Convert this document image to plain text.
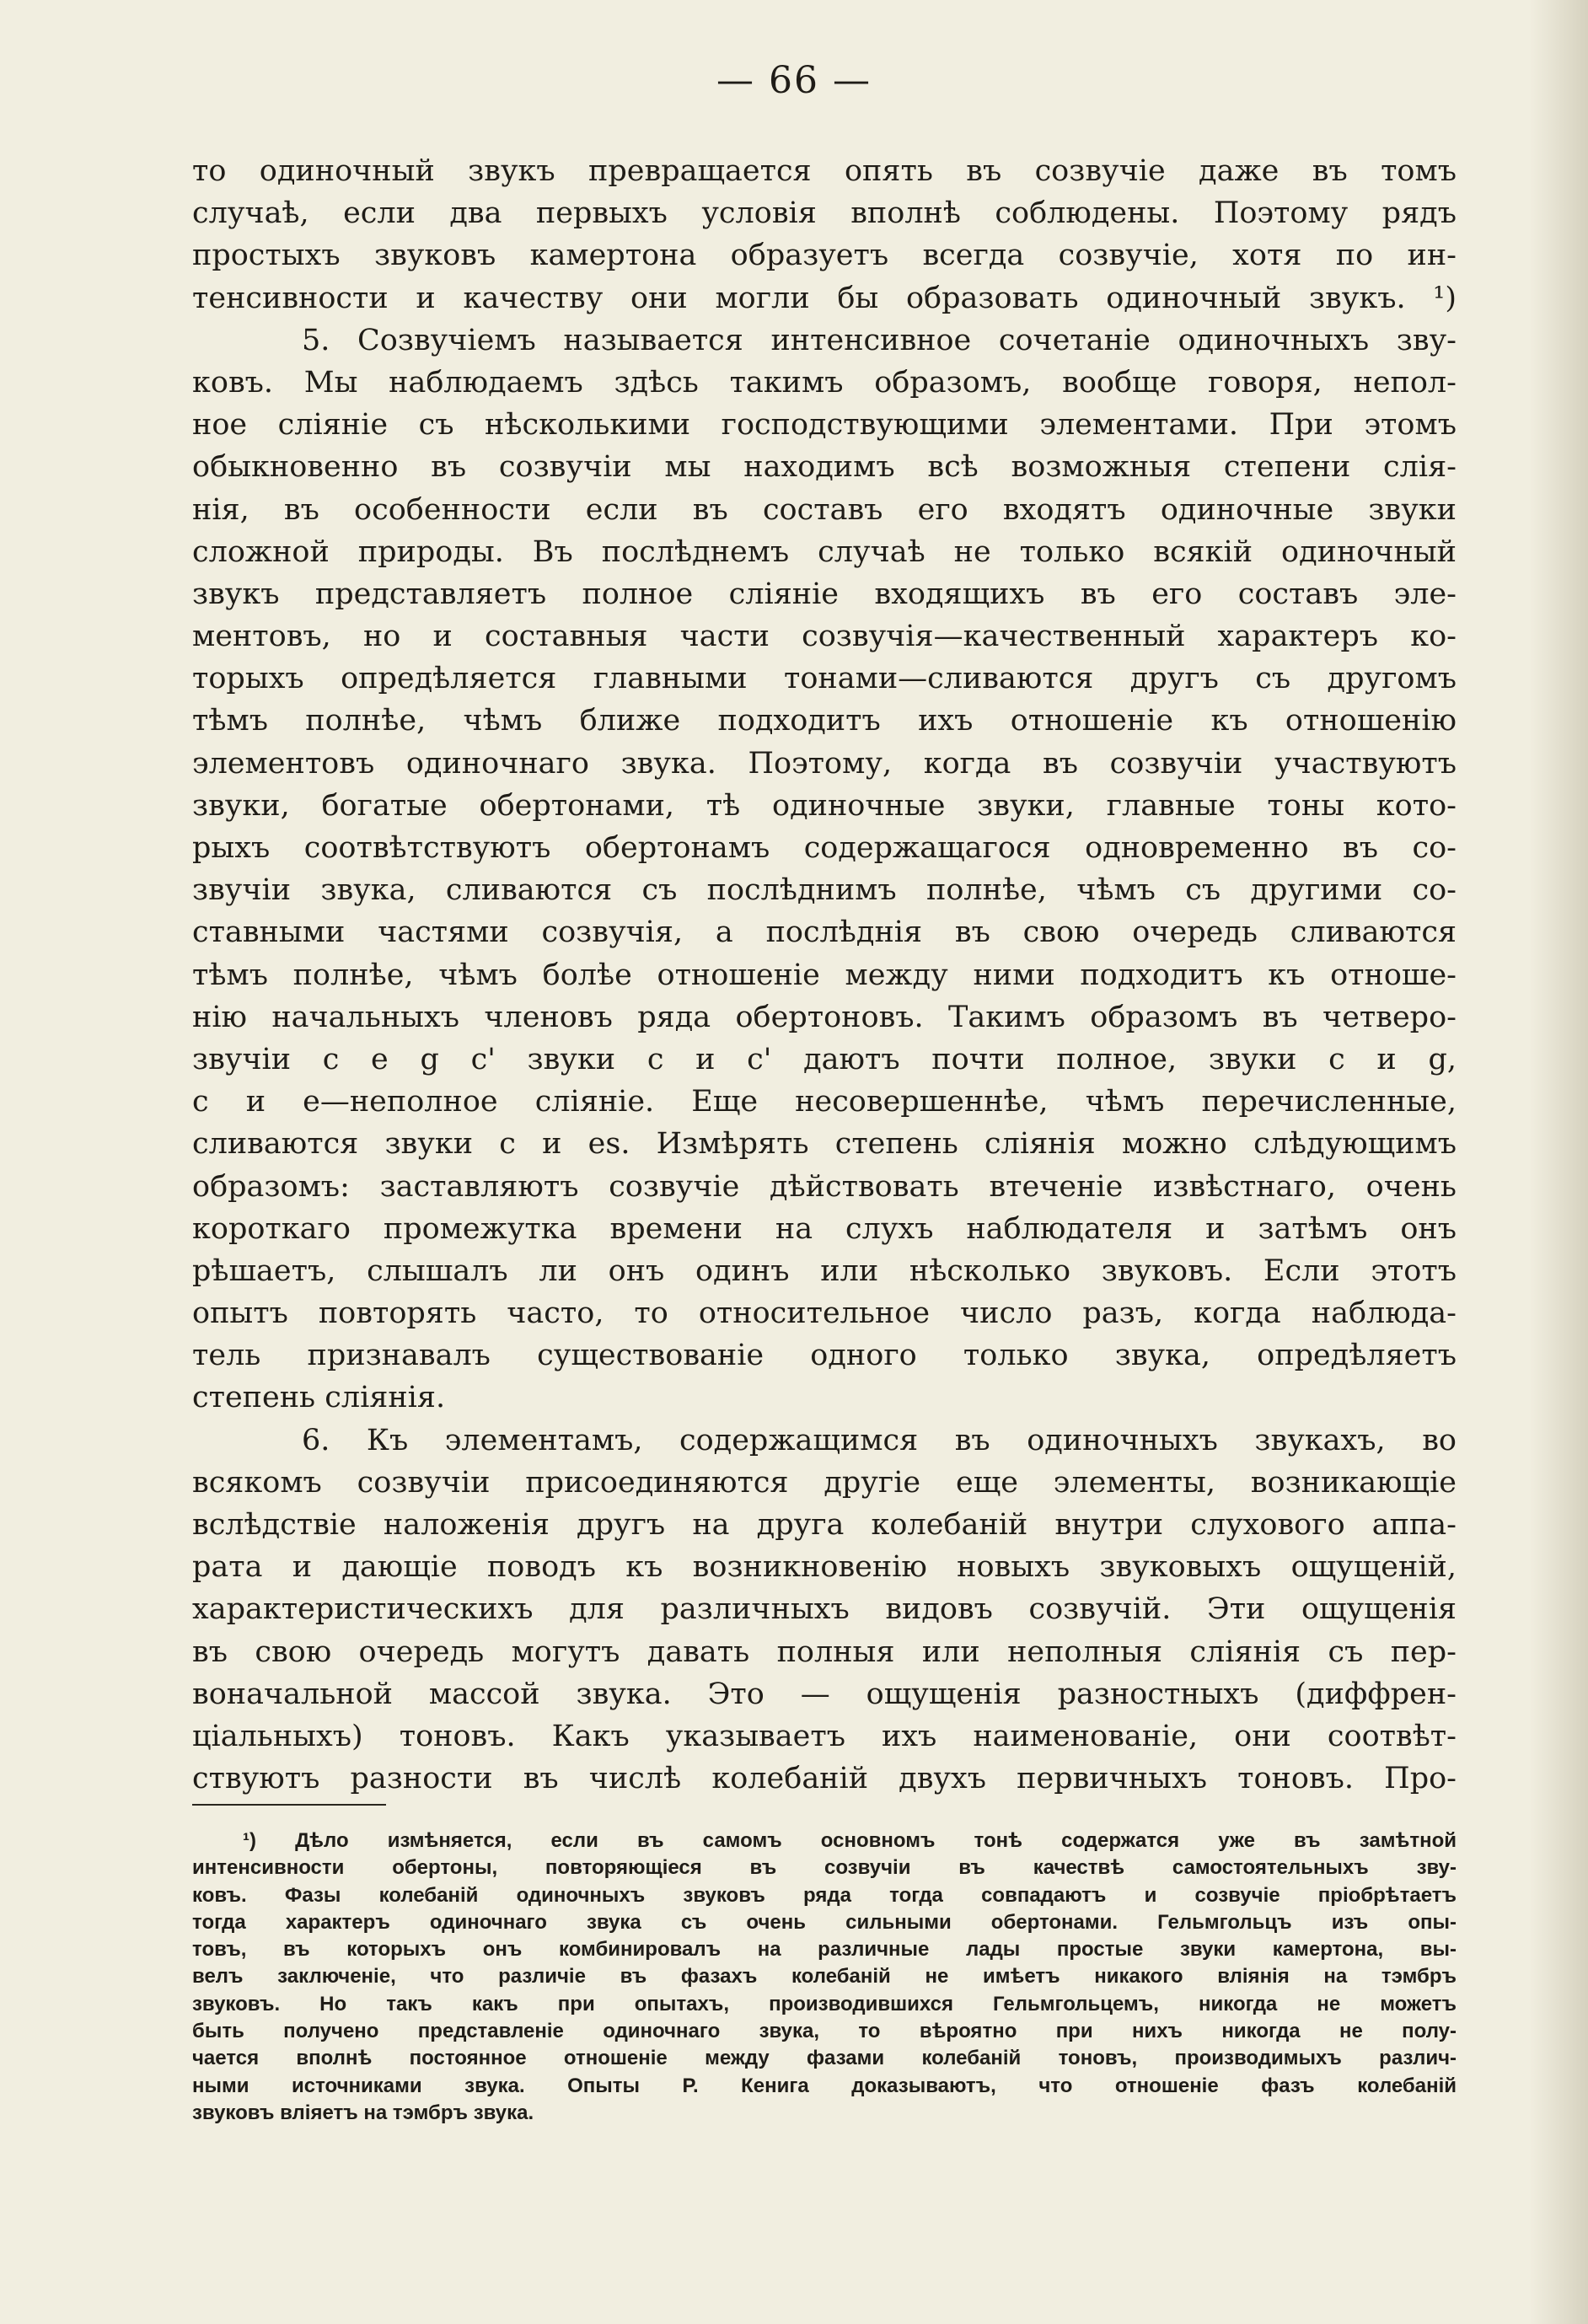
— 66 —
то одиночный звукъ превращается опять въ созвучіе даже въ томъ
случаѣ, если два первыхъ условія вполнѣ соблюдены. Поэтому рядъ
простыхъ звуковъ камертона образуетъ всегда созвучіе, хотя по ин-
тенсивности и качеству они могли бы образовать одиночный звукъ. ¹)
5. Созвучіемъ называется интенсивное сочетаніе одиночныхъ зву-
ковъ. Мы наблюдаемъ здѣсь такимъ образомъ, вообще говоря, непол-
ное сліяніе съ нѣсколькими господствующими элементами. При этомъ
обыкновенно въ созвучіи мы находимъ всѣ возможныя степени слія-
нія, въ особенности если въ составъ его входятъ одиночные звуки
сложной природы. Въ послѣднемъ случаѣ не только всякій одиночный
звукъ представляетъ полное сліяніе входящихъ въ его составъ эле-
ментовъ, но и составныя части созвучія—качественный характеръ ко-
торыхъ опредѣляется главными тонами—сливаются другъ съ другомъ
тѣмъ полнѣе, чѣмъ ближе подходитъ ихъ отношеніе къ отношенію
элементовъ одиночнаго звука. Поэтому, когда въ созвучіи участвуютъ
звуки, богатые обертонами, тѣ одиночные звуки, главные тоны кото-
рыхъ соотвѣтствуютъ обертонамъ содержащагося одновременно въ со-
звучіи звука, сливаются съ послѣднимъ полнѣе, чѣмъ съ другими со-
ставными частями созвучія, а послѣднія въ свою очередь сливаются
тѣмъ полнѣе, чѣмъ болѣе отношеніе между ними подходитъ къ отноше-
нію начальныхъ членовъ ряда обертоновъ. Такимъ образомъ въ четверо-
звучіи c e g c' звуки c и c' даютъ почти полное, звуки c и g,
c и e—неполное сліяніе. Еще несовершеннѣе, чѣмъ перечисленные,
сливаются звуки c и es. Измѣрять степень сліянія можно слѣдующимъ
образомъ: заставляютъ созвучіе дѣйствовать втеченіе извѣстнаго, очень
короткаго промежутка времени на слухъ наблюдателя и затѣмъ онъ
рѣшаетъ, слышалъ ли онъ одинъ или нѣсколько звуковъ. Если этотъ
опытъ повторять часто, то относительное число разъ, когда наблюда-
тель признавалъ существованіе одного только звука, опредѣляетъ
степень сліянія.
6. Къ элементамъ, содержащимся въ одиночныхъ звукахъ, во
всякомъ созвучіи присоединяются другіе еще элементы, возникающіе
вслѣдствіе наложенія другъ на друга колебаній внутри слухового аппа-
рата и дающіе поводъ къ возникновенію новыхъ звуковыхъ ощущеній,
характеристическихъ для различныхъ видовъ созвучій. Эти ощущенія
въ свою очередь могутъ давать полныя или неполныя сліянія съ пер-
воначальной массой звука. Это — ощущенія разностныхъ (диффрен-
ціальныхъ) тоновъ. Какъ указываетъ ихъ наименованіе, они соотвѣт-
ствуютъ разности въ числѣ колебаній двухъ первичныхъ тоновъ. Про-
¹) Дѣло измѣняется, если въ самомъ основномъ тонѣ содержатся уже въ замѣтной
интенсивности обертоны, повторяющіеся въ созвучіи въ качествѣ самостоятельныхъ зву-
ковъ. Фазы колебаній одиночныхъ звуковъ ряда тогда совпадаютъ и созвучіе пріобрѣтаетъ
тогда характеръ одиночнаго звука съ очень сильными обертонами. Гельмгольцъ изъ опы-
товъ, въ которыхъ онъ комбинировалъ на различные лады простые звуки камертона, вы-
велъ заключеніе, что различіе въ фазахъ колебаній не имѣетъ никакого вліянія на тэмбръ
звуковъ. Но такъ какъ при опытахъ, производившихся Гельмгольцемъ, никогда не можетъ
быть получено представленіе одиночнаго звука, то вѣроятно при нихъ никогда не полу-
чается вполнѣ постоянное отношеніе между фазами колебаній тоновъ, производимыхъ различ-
ными источниками звука. Опыты Р. Кенига доказываютъ, что отношеніе фазъ колебаній
звуковъ вліяетъ на тэмбръ звука.
